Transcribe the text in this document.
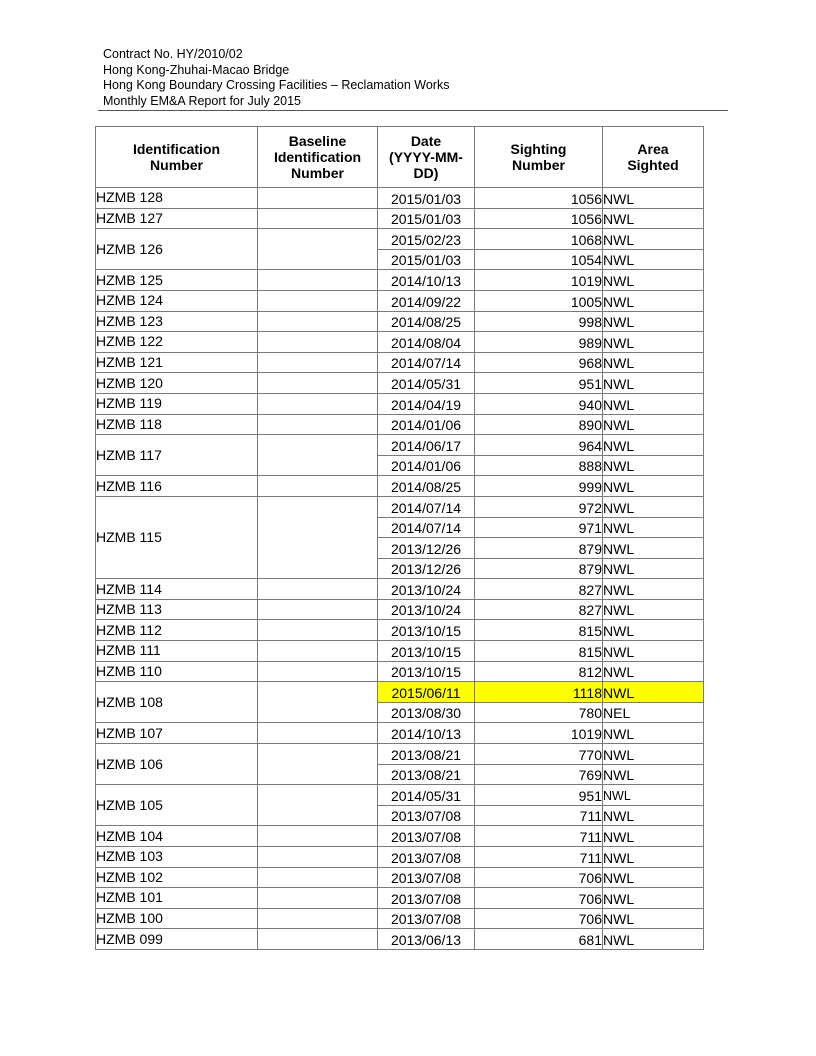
Contract No. HY/2010/02
Hong Kong-Zhuhai-Macao Bridge
Hong Kong Boundary Crossing Facilities – Reclamation Works
Monthly EM&A Report for July 2015
Identification Number	Baseline Identification Number	Date (YYYY-MM-DD)	Sighting Number	Area Sighted
HZMB 128		2015/01/03	1056	NWL
HZMB 127		2015/01/03	1056	NWL
HZMB 126		2015/02/23	1068	NWL
		2015/01/03	1054	NWL
HZMB 125		2014/10/13	1019	NWL
HZMB 124		2014/09/22	1005	NWL
HZMB 123		2014/08/25	998	NWL
HZMB 122		2014/08/04	989	NWL
HZMB 121		2014/07/14	968	NWL
HZMB 120		2014/05/31	951	NWL
HZMB 119		2014/04/19	940	NWL
HZMB 118		2014/01/06	890	NWL
HZMB 117		2014/06/17	964	NWL
		2014/01/06	888	NWL
HZMB 116		2014/08/25	999	NWL
HZMB 115		2014/07/14	972	NWL
		2014/07/14	971	NWL
		2013/12/26	879	NWL
		2013/12/26	879	NWL
HZMB 114		2013/10/24	827	NWL
HZMB 113		2013/10/24	827	NWL
HZMB 112		2013/10/15	815	NWL
HZMB 111		2013/10/15	815	NWL
HZMB 110		2013/10/15	812	NWL
HZMB 108		2015/06/11	1118	NWL
		2013/08/30	780	NEL
HZMB 107		2014/10/13	1019	NWL
HZMB 106		2013/08/21	770	NWL
		2013/08/21	769	NWL
HZMB 105		2014/05/31	951	NWL
		2013/07/08	711	NWL
HZMB 104		2013/07/08	711	NWL
HZMB 103		2013/07/08	711	NWL
HZMB 102		2013/07/08	706	NWL
HZMB 101		2013/07/08	706	NWL
HZMB 100		2013/07/08	706	NWL
HZMB 099		2013/06/13	681	NWL
